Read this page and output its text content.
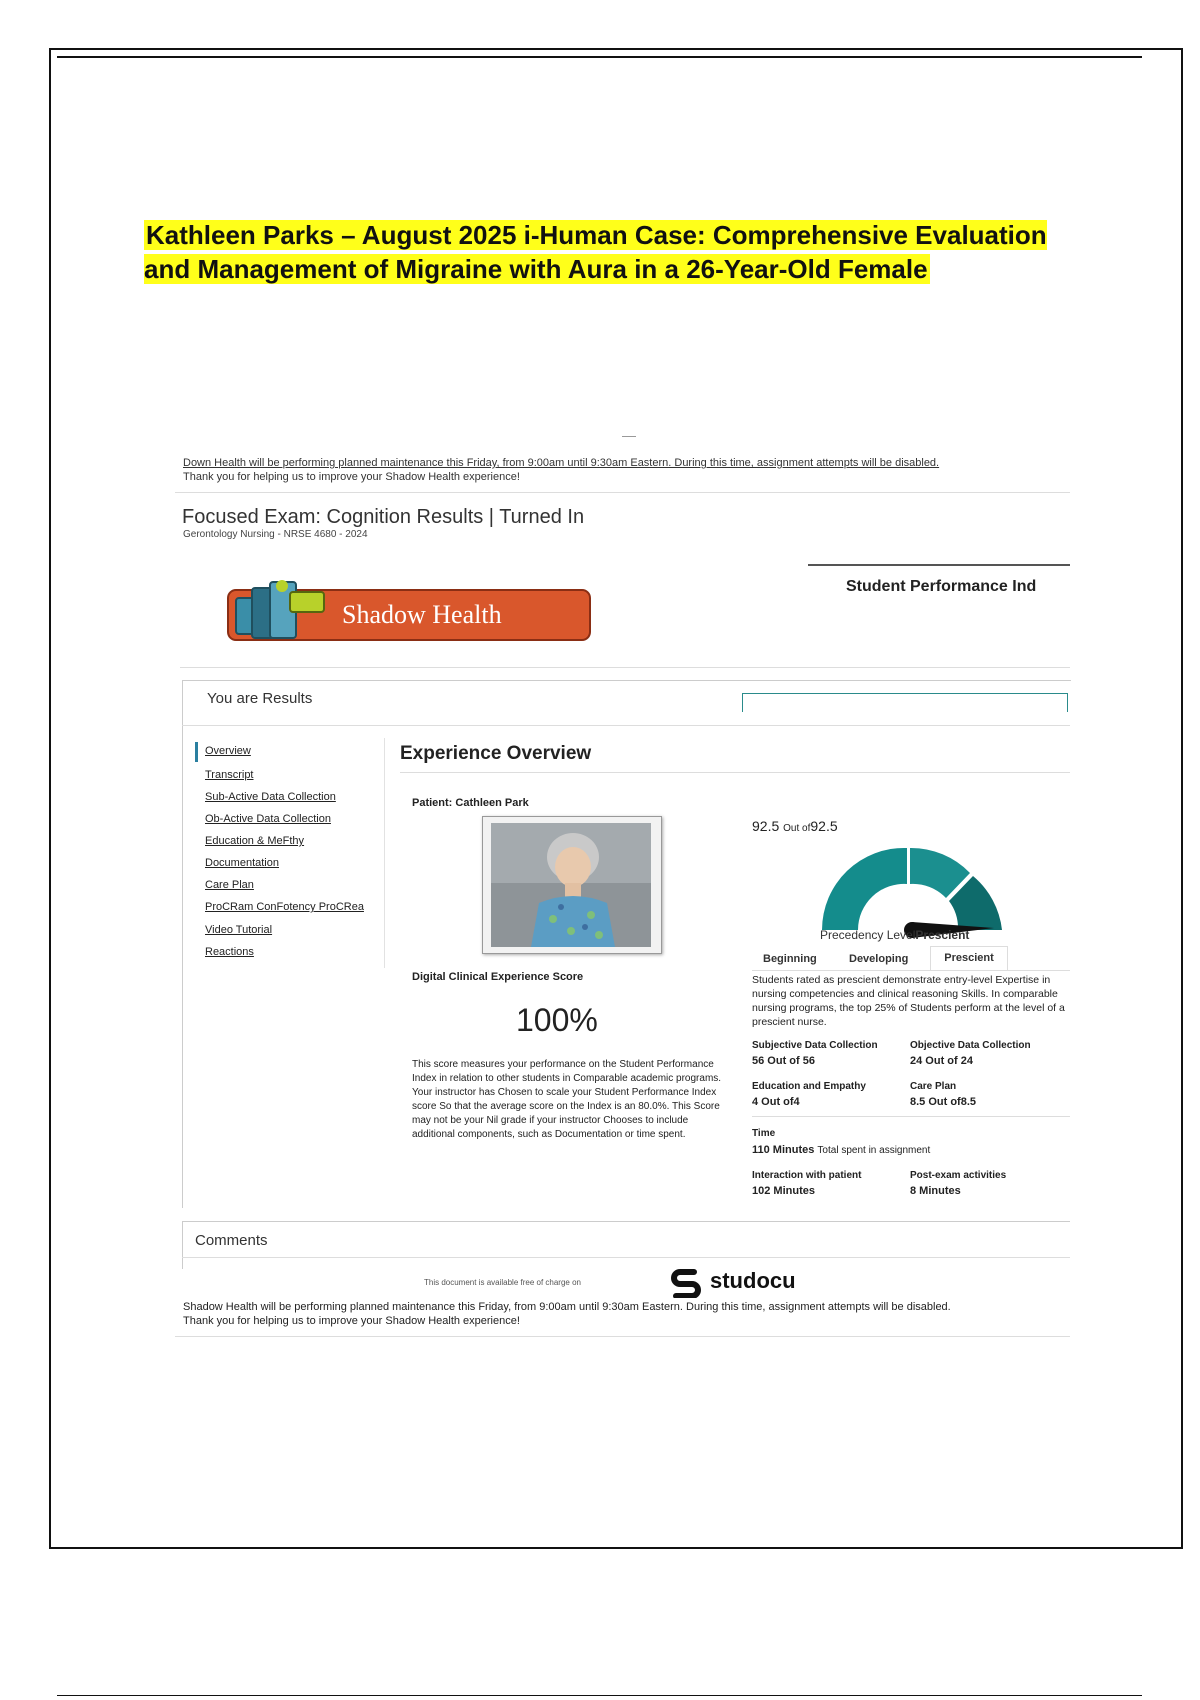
Kathleen Parks – August 2025 i-Human Case: Comprehensive Evaluation and Management of Migraine with Aura in a 26-Year-Old Female
Down Health will be performing planned maintenance this Friday, from 9:00am until 9:30am Eastern. During this time, assignment attempts will be disabled.
Thank you for helping us to improve your Shadow Health experience!
Focused Exam: Cognition Results | Turned In
Gerontology Nursing - NRSE 4680 - 2024
Student Performance Ind
Shadow Health
You are Results
Overview
Transcript
Sub-Active Data Collection
Ob-Active Data Collection
Education & MeFthy
Documentation
Care Plan
ProCRam ConFotency ProCRea
Video Tutorial
Reactions
Experience Overview
Patient: Cathleen Park
92.5 Out of92.5
Precedency LevelPrescient
Beginning	Developing	Prescient
Students rated as prescient demonstrate entry-level Expertise in nursing competencies and clinical reasoning Skills. In comparable nursing programs, the top 25% of Students perform at the level of a prescient nurse.
Digital Clinical Experience Score
100%
This score measures your performance on the Student Performance Index in relation to other students in Comparable academic programs. Your instructor has Chosen to scale your Student Performance Index score So that the average score on the Index is an 80.0%. This Score may not be your Nil grade if your instructor Chooses to include additional components, such as Documentation or time spent.
Subjective Data Collection
56 Out of 56
Objective Data Collection
24 Out of 24
Education and Empathy
4 Out of4
Care Plan
8.5 Out of8.5
Time
110 Minutes Total spent in assignment
Interaction with patient
102 Minutes
Post-exam activities
8 Minutes
Comments
This document is available free of charge on	studocu
Shadow Health will be performing planned maintenance this Friday, from 9:00am until 9:30am Eastern. During this time, assignment attempts will be disabled.
Thank you for helping us to improve your Shadow Health experience!
